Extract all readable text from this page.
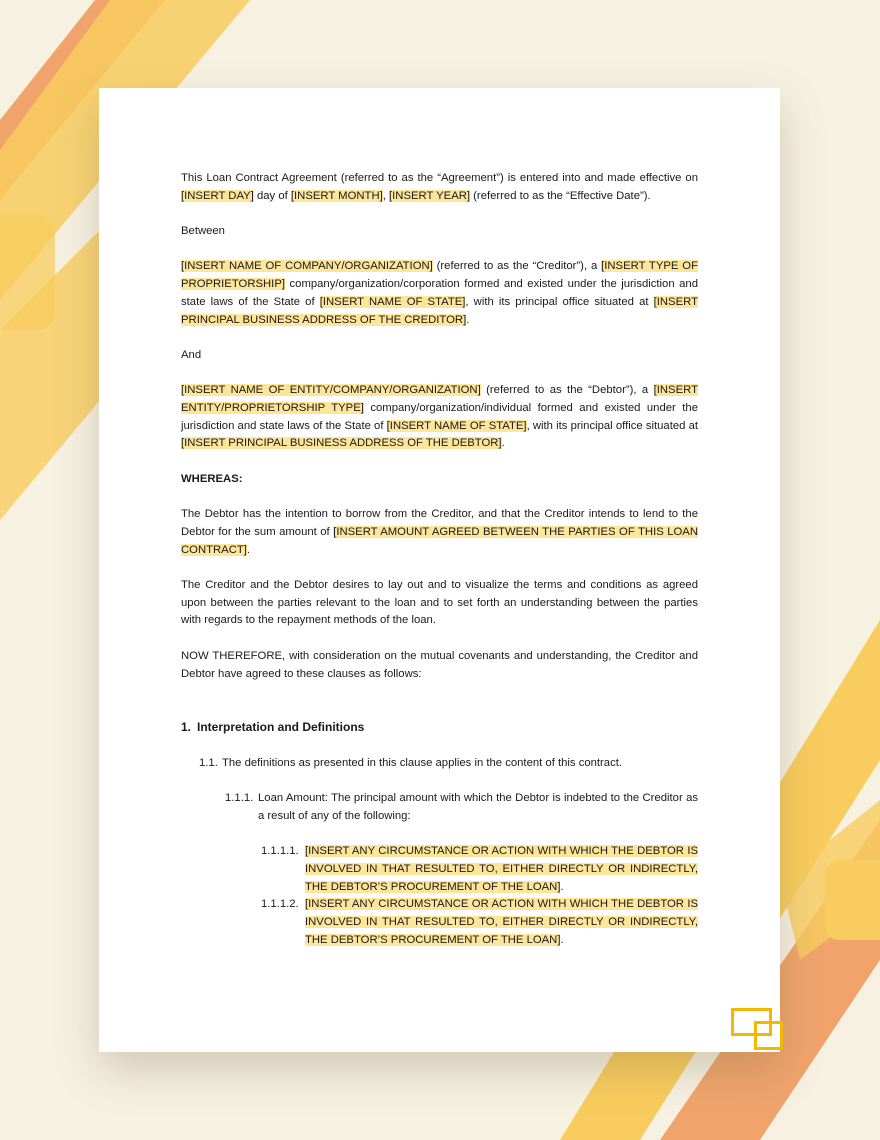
This Loan Contract Agreement (referred to as the “Agreement”) is entered into and made effective on [INSERT DAY] day of [INSERT MONTH], [INSERT YEAR] (referred to as the “Effective Date”).

Between

[INSERT NAME OF COMPANY/ORGANIZATION] (referred to as the “Creditor”), a [INSERT TYPE OF PROPRIETORSHIP] company/organization/corporation formed and existed under the jurisdiction and state laws of the State of [INSERT NAME OF STATE], with its principal office situated at [INSERT PRINCIPAL BUSINESS ADDRESS OF THE CREDITOR].

And

[INSERT NAME OF ENTITY/COMPANY/ORGANIZATION] (referred to as the “Debtor”), a [INSERT ENTITY/PROPRIETORSHIP TYPE] company/organization/individual formed and existed under the jurisdiction and state laws of the State of [INSERT NAME OF STATE], with its principal office situated at [INSERT PRINCIPAL BUSINESS ADDRESS OF THE DEBTOR].

WHEREAS:

The Debtor has the intention to borrow from the Creditor, and that the Creditor intends to lend to the Debtor for the sum amount of [INSERT AMOUNT AGREED BETWEEN THE PARTIES OF THIS LOAN CONTRACT].

The Creditor and the Debtor desires to lay out and to visualize the terms and conditions as agreed upon between the parties relevant to the loan and to set forth an understanding between the parties with regards to the repayment methods of the loan.

NOW THEREFORE, with consideration on the mutual covenants and understanding, the Creditor and Debtor have agreed to these clauses as follows:

1. Interpretation and Definitions
1.1. The definitions as presented in this clause applies in the content of this contract.
1.1.1. Loan Amount: The principal amount with which the Debtor is indebted to the Creditor as a result of any of the following:
1.1.1.1. [INSERT ANY CIRCUMSTANCE OR ACTION WITH WHICH THE DEBTOR IS INVOLVED IN THAT RESULTED TO, EITHER DIRECTLY OR INDIRECTLY, THE DEBTOR’S PROCUREMENT OF THE LOAN].
1.1.1.2. [INSERT ANY CIRCUMSTANCE OR ACTION WITH WHICH THE DEBTOR IS INVOLVED IN THAT RESULTED TO, EITHER DIRECTLY OR INDIRECTLY, THE DEBTOR’S PROCUREMENT OF THE LOAN].
